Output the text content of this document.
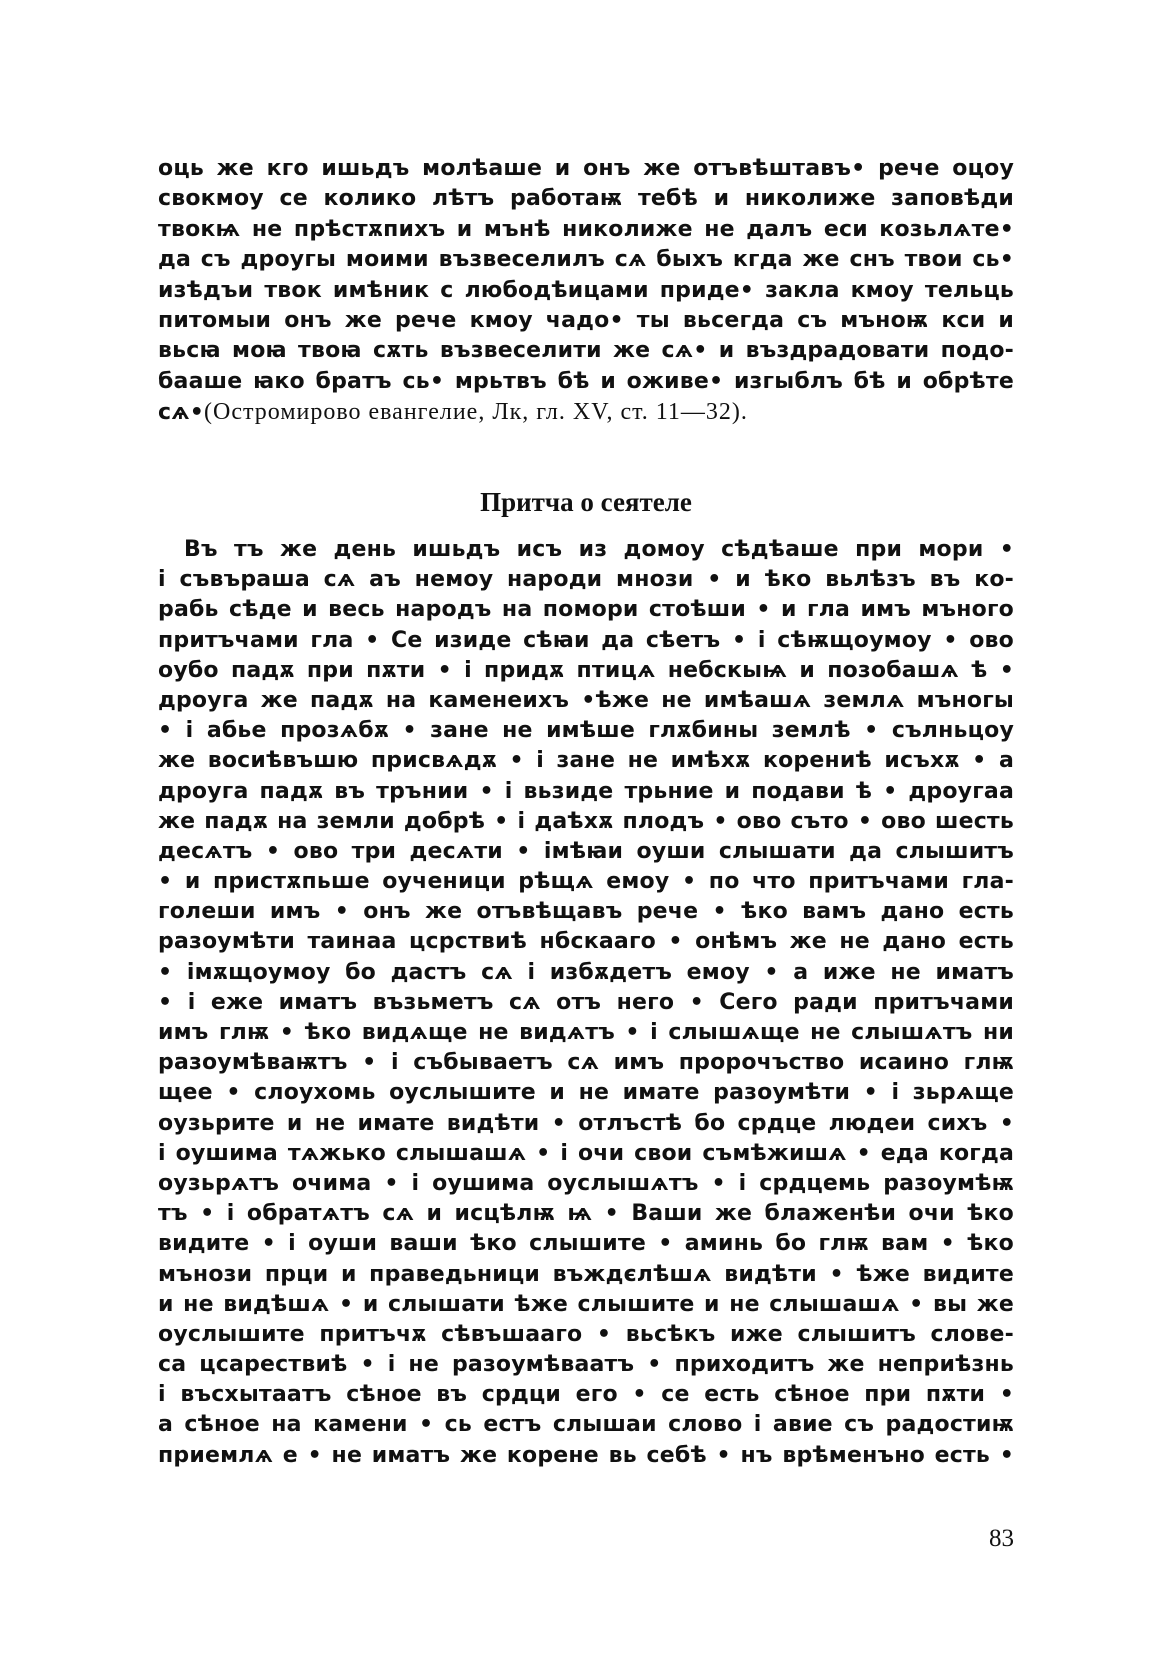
оць же кго ишьдъ молѣаше и онъ же отъвѣштавъ• рече оцоу
свокмоу се колико лѣтъ работаѭ тебѣ и николиже заповѣди
твокѩ не прѣстѫпихъ и мънѣ николиже не далъ еси козьлѧте•
да съ дроугы моими възвеселилъ сѧ быхъ кгда же снъ твои сь•
изѣдъи твок имѣник с любодѣицами приде• закла кмоу тельць
питомыи онъ же рече кмоу чадо• ты вьсегда съ мъноѭ кси и
вьсꙗ моꙗ твоꙗ сѫть възвеселити же сѧ• и въздрадовати подо-
бааше ꙗко братъ сь• мрьтвъ бѣ и оживе• изгыблъ бѣ и обрѣте
сѧ•(Остромирово евангелие, Лк, гл. XV, ст. 11—32).
Притча о сеятеле
Въ тъ же день ишьдъ исъ из домоу сѣдѣаше при мори •
і съвъраша сѧ аъ немоу народи мнози • и ѣко вьлѣзъ въ ко-
рабь сѣде и весь народъ на помори стоѣши • и гла имъ мъного
притъчами гла • Се изиде сѣꙗи да сѣетъ • і сѣѭщоумоу • ово
оубо падѫ при пѫти • і придѫ птицѧ небскыѩ и позобашѧ ѣ •
дроуга же падѫ на каменеихъ •ѣже не имѣашѧ землѧ мъногы
• і абье прозѧбѫ • зане не имѣше глѫбины землѣ • сълньцоу
же восиѣвъшю присвѧдѫ • і зане не имѣхѫ корениѣ исъхѫ • а
дроуга падѫ въ трънии • і вьзиде трьние и подави ѣ • дроугаа
же падѫ на земли добрѣ • і даѣхѫ плодъ • ово съто • ово шесть
десѧтъ • ово три десѧти • імѣꙗи оуши слышати да слышитъ
• и пристѫпьше оученици рѣщѧ емоу • по что притъчами гла-
голеши имъ • онъ же отъвѣщавъ рече • ѣко вамъ дано есть
разоумѣти таинаа цсрствиѣ нбскааго • онѣмъ же не дано есть
• імѫщоумоу бо дастъ сѧ і избѫдетъ емоу • а иже не иматъ
• і еже иматъ възьметъ сѧ отъ него • Сего ради притъчами
имъ глѭ • ѣко видѧще не видѧтъ • і слышѧще не слышѧтъ ни
разоумѣваѭтъ • і събываетъ сѧ имъ пророчъство исаино глѭ
щее • слоухомь оуслышите и не имате разоумѣти • і зьрѧще
оузьрите и не имате видѣти • отлъстѣ бо срдце людеи сихъ •
і оушима тѧжько слышашѧ • і очи свои съмѣжишѧ • еда когда
оузьрѧтъ очима • і оушима оуслышѧтъ • і срдцемь разоумѣѭ
тъ • і обратѧтъ сѧ и исцѣлѭ ѩ • Ваши же блаженѣи очи ѣко
видите • і оуши ваши ѣко слышите • аминь бо глѭ вам • ѣко
мънози прци и праведьници въждєлѣшѧ видѣти • ѣже видите
и не видѣшѧ • и слышати ѣже слышите и не слышашѧ • вы же
оуслышите притъчѫ сѣвъшааго • вьсѣкъ иже слышитъ слове-
са цсарествиѣ • і не разоумѣваатъ • приходитъ же неприѣзнь
і въсхытаатъ сѣное въ срдци его • се есть сѣное при пѫти •
а сѣное на камени • сь естъ слышаи слово і авие съ радостиѭ
приемлѧ е • не иматъ же корене вь себѣ • нъ врѣменъно есть •
83
